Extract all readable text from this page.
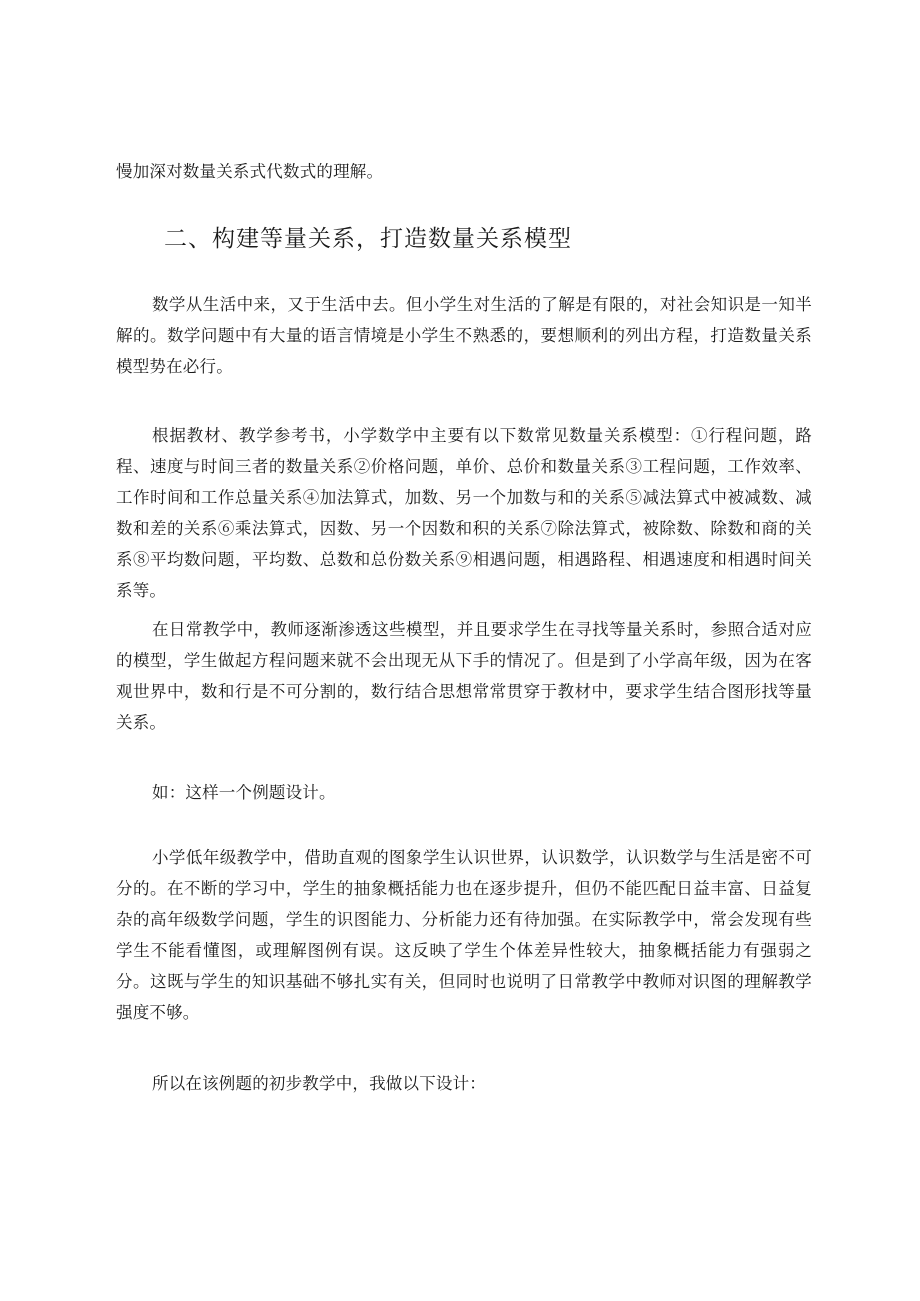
慢加深对数量关系式代数式的理解。

二、构建等量关系，打造数量关系模型

数学从生活中来，又于生活中去。但小学生对生活的了解是有限的，对社会知识是一知半解的。数学问题中有大量的语言情境是小学生不熟悉的，要想顺利的列出方程，打造数量关系模型势在必行。

根据教材、教学参考书，小学数学中主要有以下数常见数量关系模型：①行程问题，路程、速度与时间三者的数量关系②价格问题，单价、总价和数量关系③工程问题，工作效率、工作时间和工作总量关系④加法算式，加数、另一个加数与和的关系⑤减法算式中被减数、减数和差的关系⑥乘法算式，因数、另一个因数和积的关系⑦除法算式，被除数、除数和商的关系⑧平均数问题，平均数、总数和总份数关系⑨相遇问题，相遇路程、相遇速度和相遇时间关系等。

在日常教学中，教师逐渐渗透这些模型，并且要求学生在寻找等量关系时，参照合适对应的模型，学生做起方程问题来就不会出现无从下手的情况了。但是到了小学高年级，因为在客观世界中，数和行是不可分割的，数行结合思想常常贯穿于教材中，要求学生结合图形找等量关系。

如：这样一个例题设计。

小学低年级教学中，借助直观的图象学生认识世界，认识数学，认识数学与生活是密不可分的。在不断的学习中，学生的抽象概括能力也在逐步提升，但仍不能匹配日益丰富、日益复杂的高年级数学问题，学生的识图能力、分析能力还有待加强。在实际教学中，常会发现有些学生不能看懂图，或理解图例有误。这反映了学生个体差异性较大，抽象概括能力有强弱之分。这既与学生的知识基础不够扎实有关，但同时也说明了日常教学中教师对识图的理解教学强度不够。

所以在该例题的初步教学中，我做以下设计：
